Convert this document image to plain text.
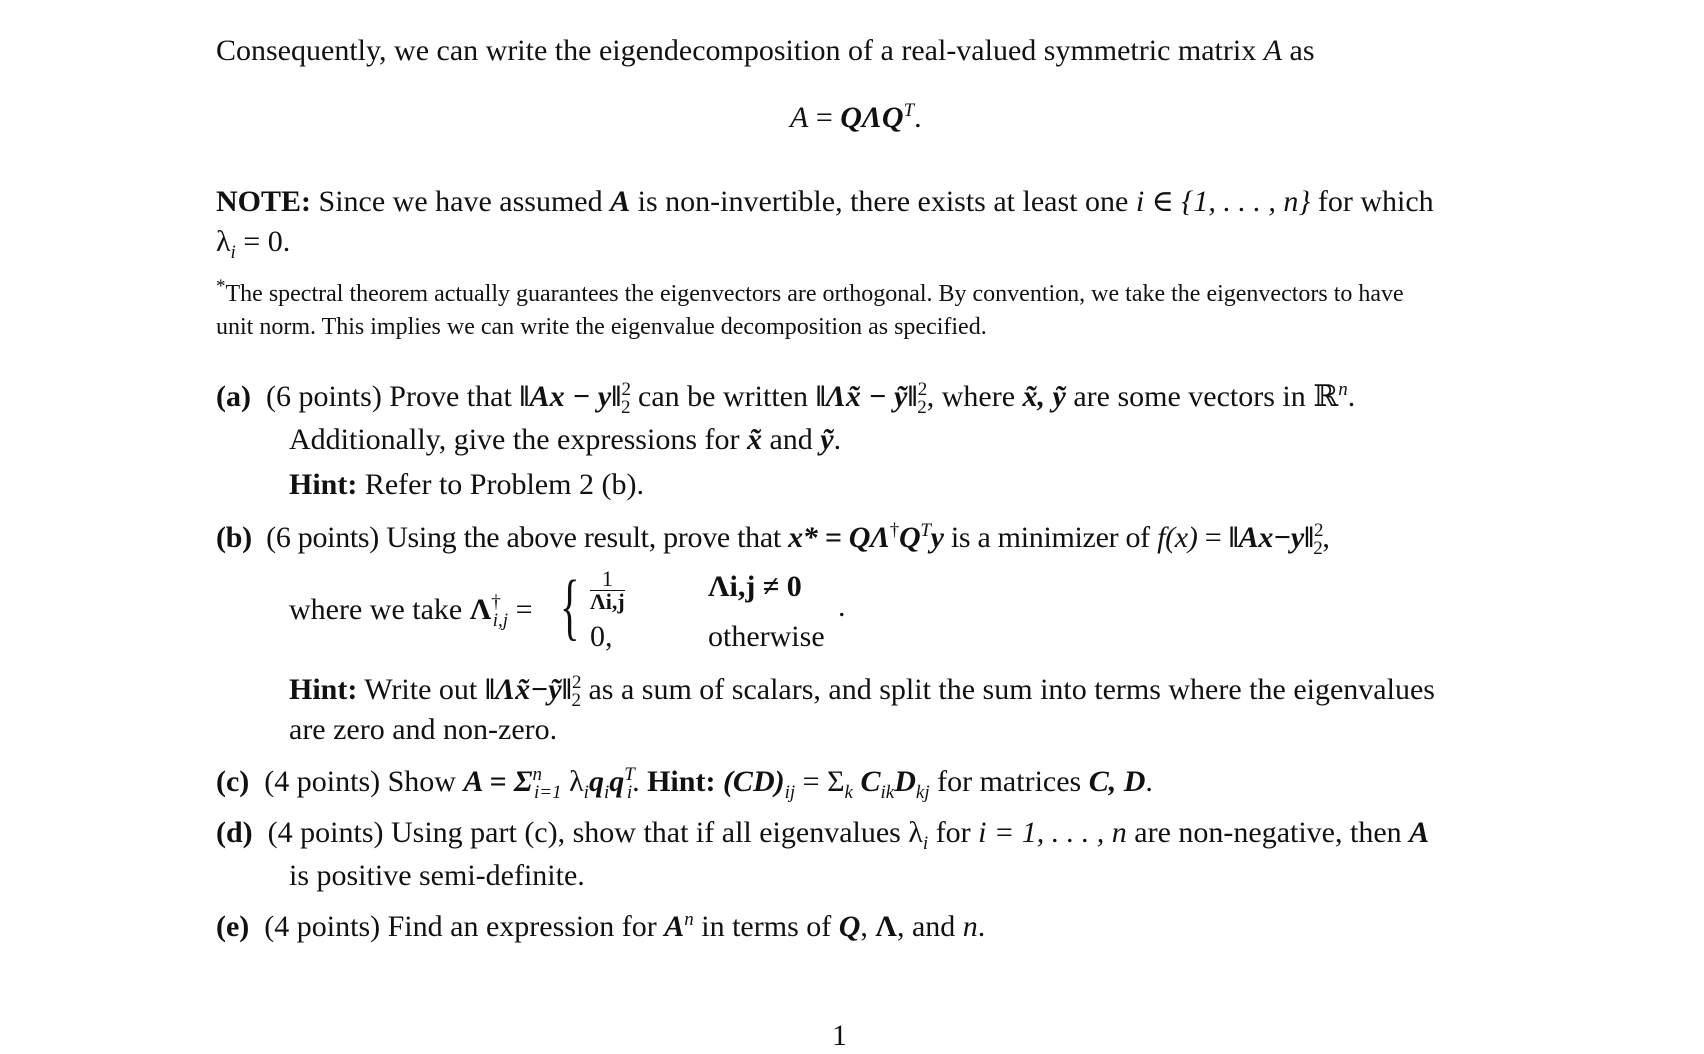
Consequently, we can write the eigendecomposition of a real-valued symmetric matrix A as
$A = Q\Lambda Q^T$.
NOTE: Since we have assumed A is non-invertible, there exists at least one i ∈ {1, . . . , n} for which
$\lambda_i = 0$.
*The spectral theorem actually guarantees the eigenvectors are orthogonal. By convention, we take the eigenvectors to have
unit norm. This implies we can write the eigenvalue decomposition as specified.
(a) (6 points) Prove that ‖Ax − y‖$^2_2$ can be written ‖Λx̃ − ỹ‖$^2_2$, where x̃, ỹ are some vectors in ℝ$^n$.
Additionally, give the expressions for x̃ and ỹ.
Hint: Refer to Problem 2 (b).
(b) (6 points) Using the above result, prove that $x* = Q\Lambda^\dagger Q^Ty$ is a minimizer of f(x) = ‖Ax−y‖$^2_2$,
where we take $\Lambda^\dagger_{i,j}$ = { $\frac{1}{\Lambda i,j}$	Λi,j ≠ 0
0,	otherwise
.
Hint: Write out ‖Λx̃−ỹ‖$^2_2$ as a sum of scalars, and split the sum into terms where the eigenvalues
are zero and non-zero.
(c) (4 points) Show $A = \Sigma^n_{i=1}$ $\lambda_iq_iq^T_i$. Hint: $(CD)_{ij} = \Sigma_k$ $C_{ik}D_{kj}$ for matrices C, D.
(d) (4 points) Using part (c), show that if all eigenvalues $\lambda_i$ for i = 1, . . . , n are non-negative, then A
is positive semi-definite.
(e) (4 points) Find an expression for $A^n$ in terms of Q, Λ, and n.
1
